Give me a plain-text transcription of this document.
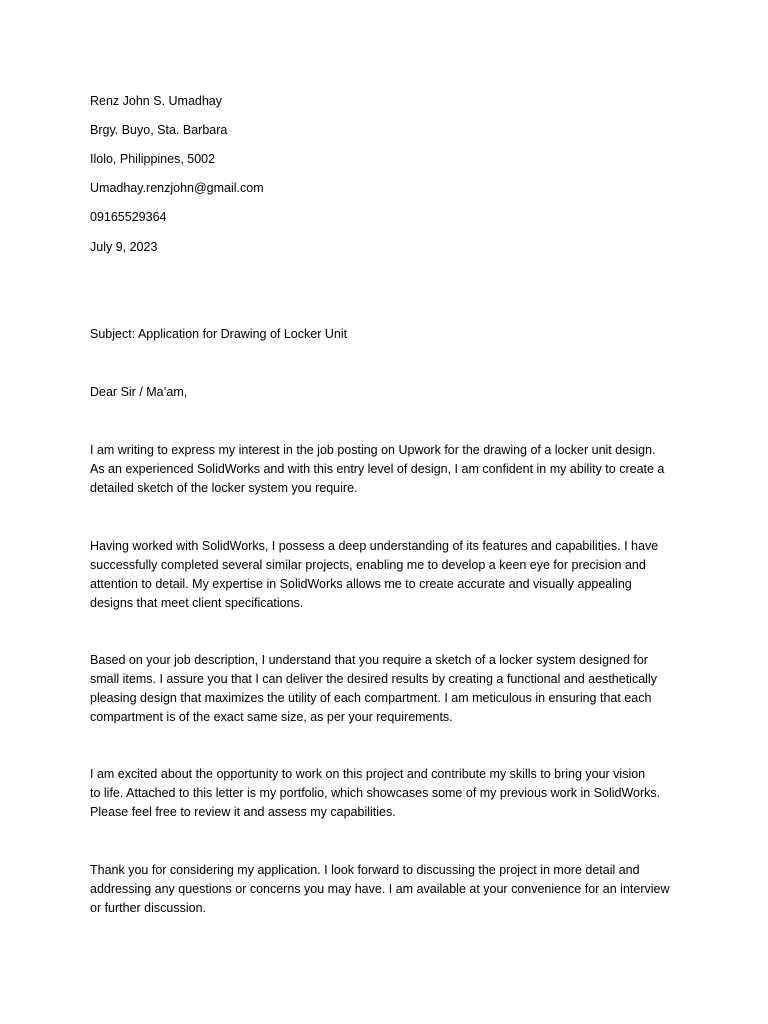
Renz John S. Umadhay
Brgy. Buyo, Sta. Barbara
Ilolo, Philippines, 5002
Umadhay.renzjohn@gmail.com
09165529364
July 9, 2023
Subject: Application for Drawing of Locker Unit
Dear Sir / Ma’am,
I am writing to express my interest in the job posting on Upwork for the drawing of a locker unit design.
As an experienced SolidWorks and with this entry level of design, I am confident in my ability to create a
detailed sketch of the locker system you require.
Having worked with SolidWorks, I possess a deep understanding of its features and capabilities. I have
successfully completed several similar projects, enabling me to develop a keen eye for precision and
attention to detail. My expertise in SolidWorks allows me to create accurate and visually appealing
designs that meet client specifications.
Based on your job description, I understand that you require a sketch of a locker system designed for
small items. I assure you that I can deliver the desired results by creating a functional and aesthetically
pleasing design that maximizes the utility of each compartment. I am meticulous in ensuring that each
compartment is of the exact same size, as per your requirements.
I am excited about the opportunity to work on this project and contribute my skills to bring your vision
to life. Attached to this letter is my portfolio, which showcases some of my previous work in SolidWorks.
Please feel free to review it and assess my capabilities.
Thank you for considering my application. I look forward to discussing the project in more detail and
addressing any questions or concerns you may have. I am available at your convenience for an interview
or further discussion.
